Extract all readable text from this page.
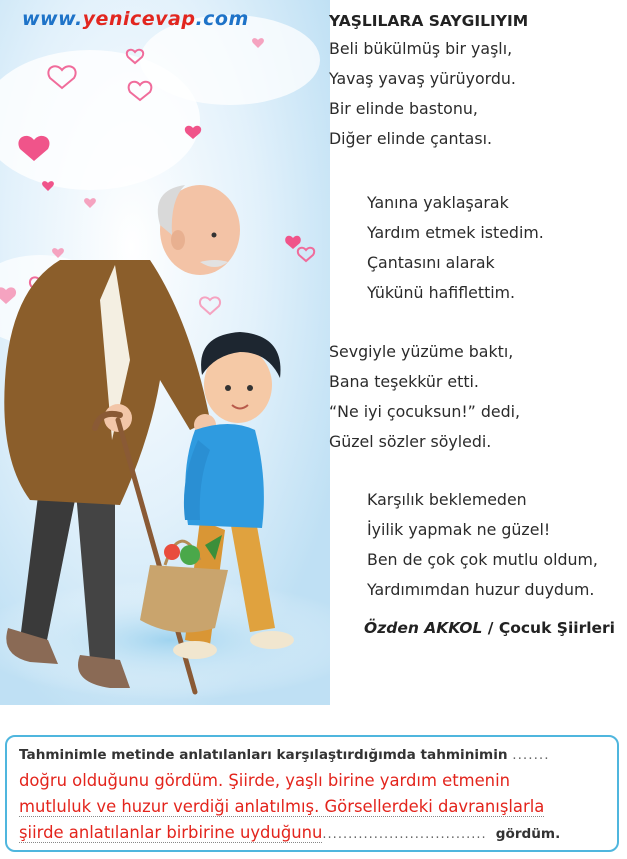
www.yenicevap.com	YAŞLILARA SAYGILIYIM
Beli bükülmüş bir yaşlı,
Yavaş yavaş yürüyordu.
Bir elinde bastonu,
Diğer elinde çantası.
Yanına yaklaşarak
Yardım etmek istedim.
Çantasını alarak
Yükünü hafiflettim.
Sevgiyle yüzüme baktı,
Bana teşekkür etti.
“Ne iyi çocuksun!” dedi,
Güzel sözler söyledi.
Karşılık beklemeden
İyilik yapmak ne güzel!
Ben de çok çok mutlu oldum,
Yardımımdan huzur duydum.
Özden AKKOL / Çocuk Şiirleri
Tahminimle metinde anlatılanları karşılaştırdığımda tahminimin .......
doğru olduğunu gördüm. Şiirde, yaşlı birine yardım etmenin
mutluluk ve huzur verdiği anlatılmış. Görsellerdeki davranışlarla
şiirde anlatılanlar birbirine uyduğunu................................ gördüm.
